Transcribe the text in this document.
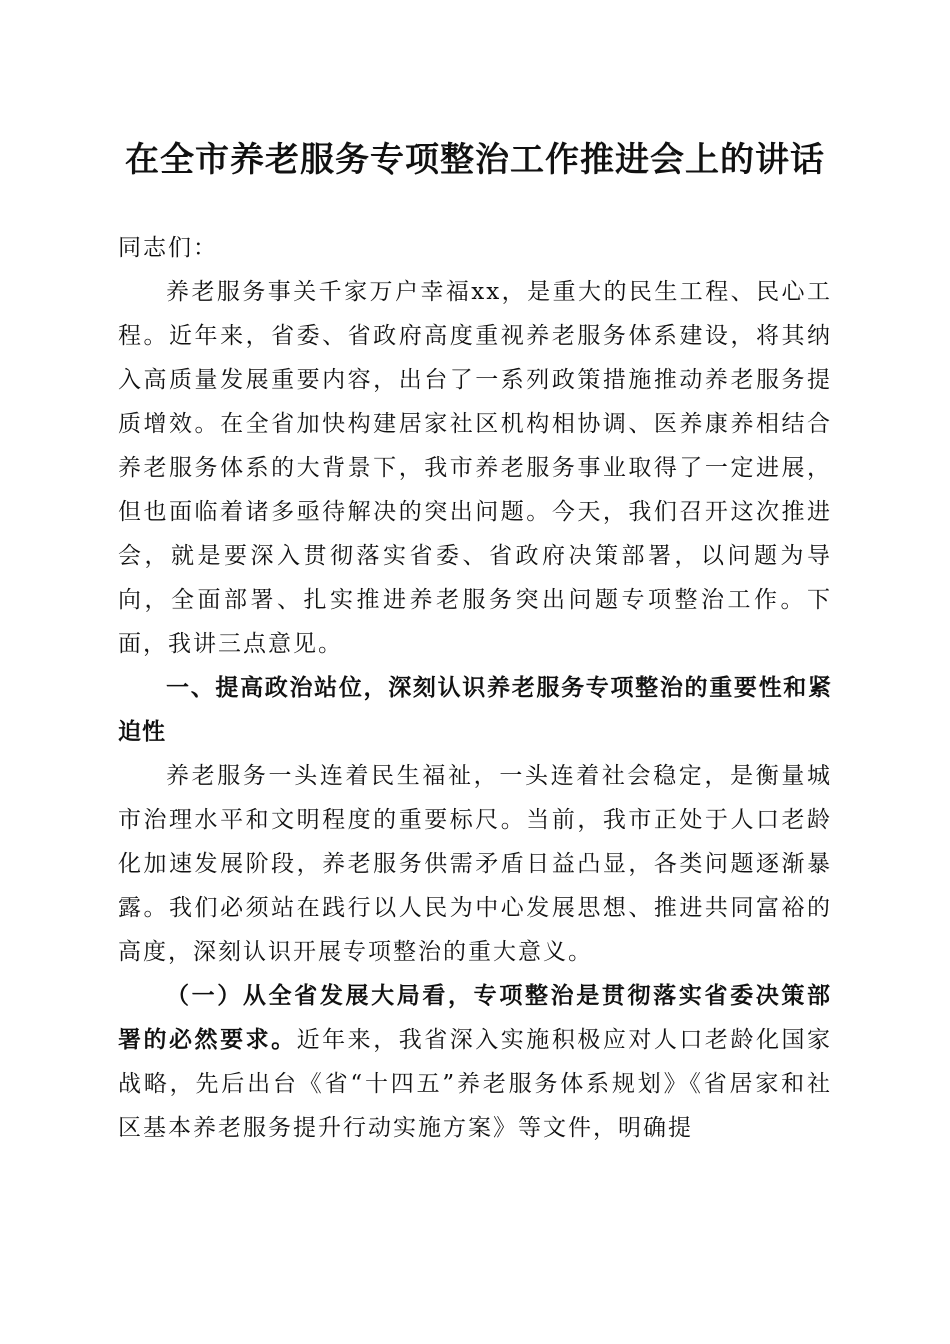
在全市养老服务专项整治工作推进会上的讲话

同志们：

养老服务事关千家万户幸福xx，是重大的民生工程、民心工程。近年来，省委、省政府高度重视养老服务体系建设，将其纳入高质量发展重要内容，出台了一系列政策措施推动养老服务提质增效。在全省加快构建居家社区机构相协调、医养康养相结合养老服务体系的大背景下，我市养老服务事业取得了一定进展，但也面临着诸多亟待解决的突出问题。今天，我们召开这次推进会，就是要深入贯彻落实省委、省政府决策部署，以问题为导向，全面部署、扎实推进养老服务突出问题专项整治工作。下面，我讲三点意见。

一、提高政治站位，深刻认识养老服务专项整治的重要性和紧迫性

养老服务一头连着民生福祉，一头连着社会稳定，是衡量城市治理水平和文明程度的重要标尺。当前，我市正处于人口老龄化加速发展阶段，养老服务供需矛盾日益凸显，各类问题逐渐暴露。我们必须站在践行以人民为中心发展思想、推进共同富裕的高度，深刻认识开展专项整治的重大意义。

（一）从全省发展大局看，专项整治是贯彻落实省委决策部署的必然要求。近年来，我省深入实施积极应对人口老龄化国家战略，先后出台《省“十四五”养老服务体系规划》《省居家和社区基本养老服务提升行动实施方案》等文件，明确提
